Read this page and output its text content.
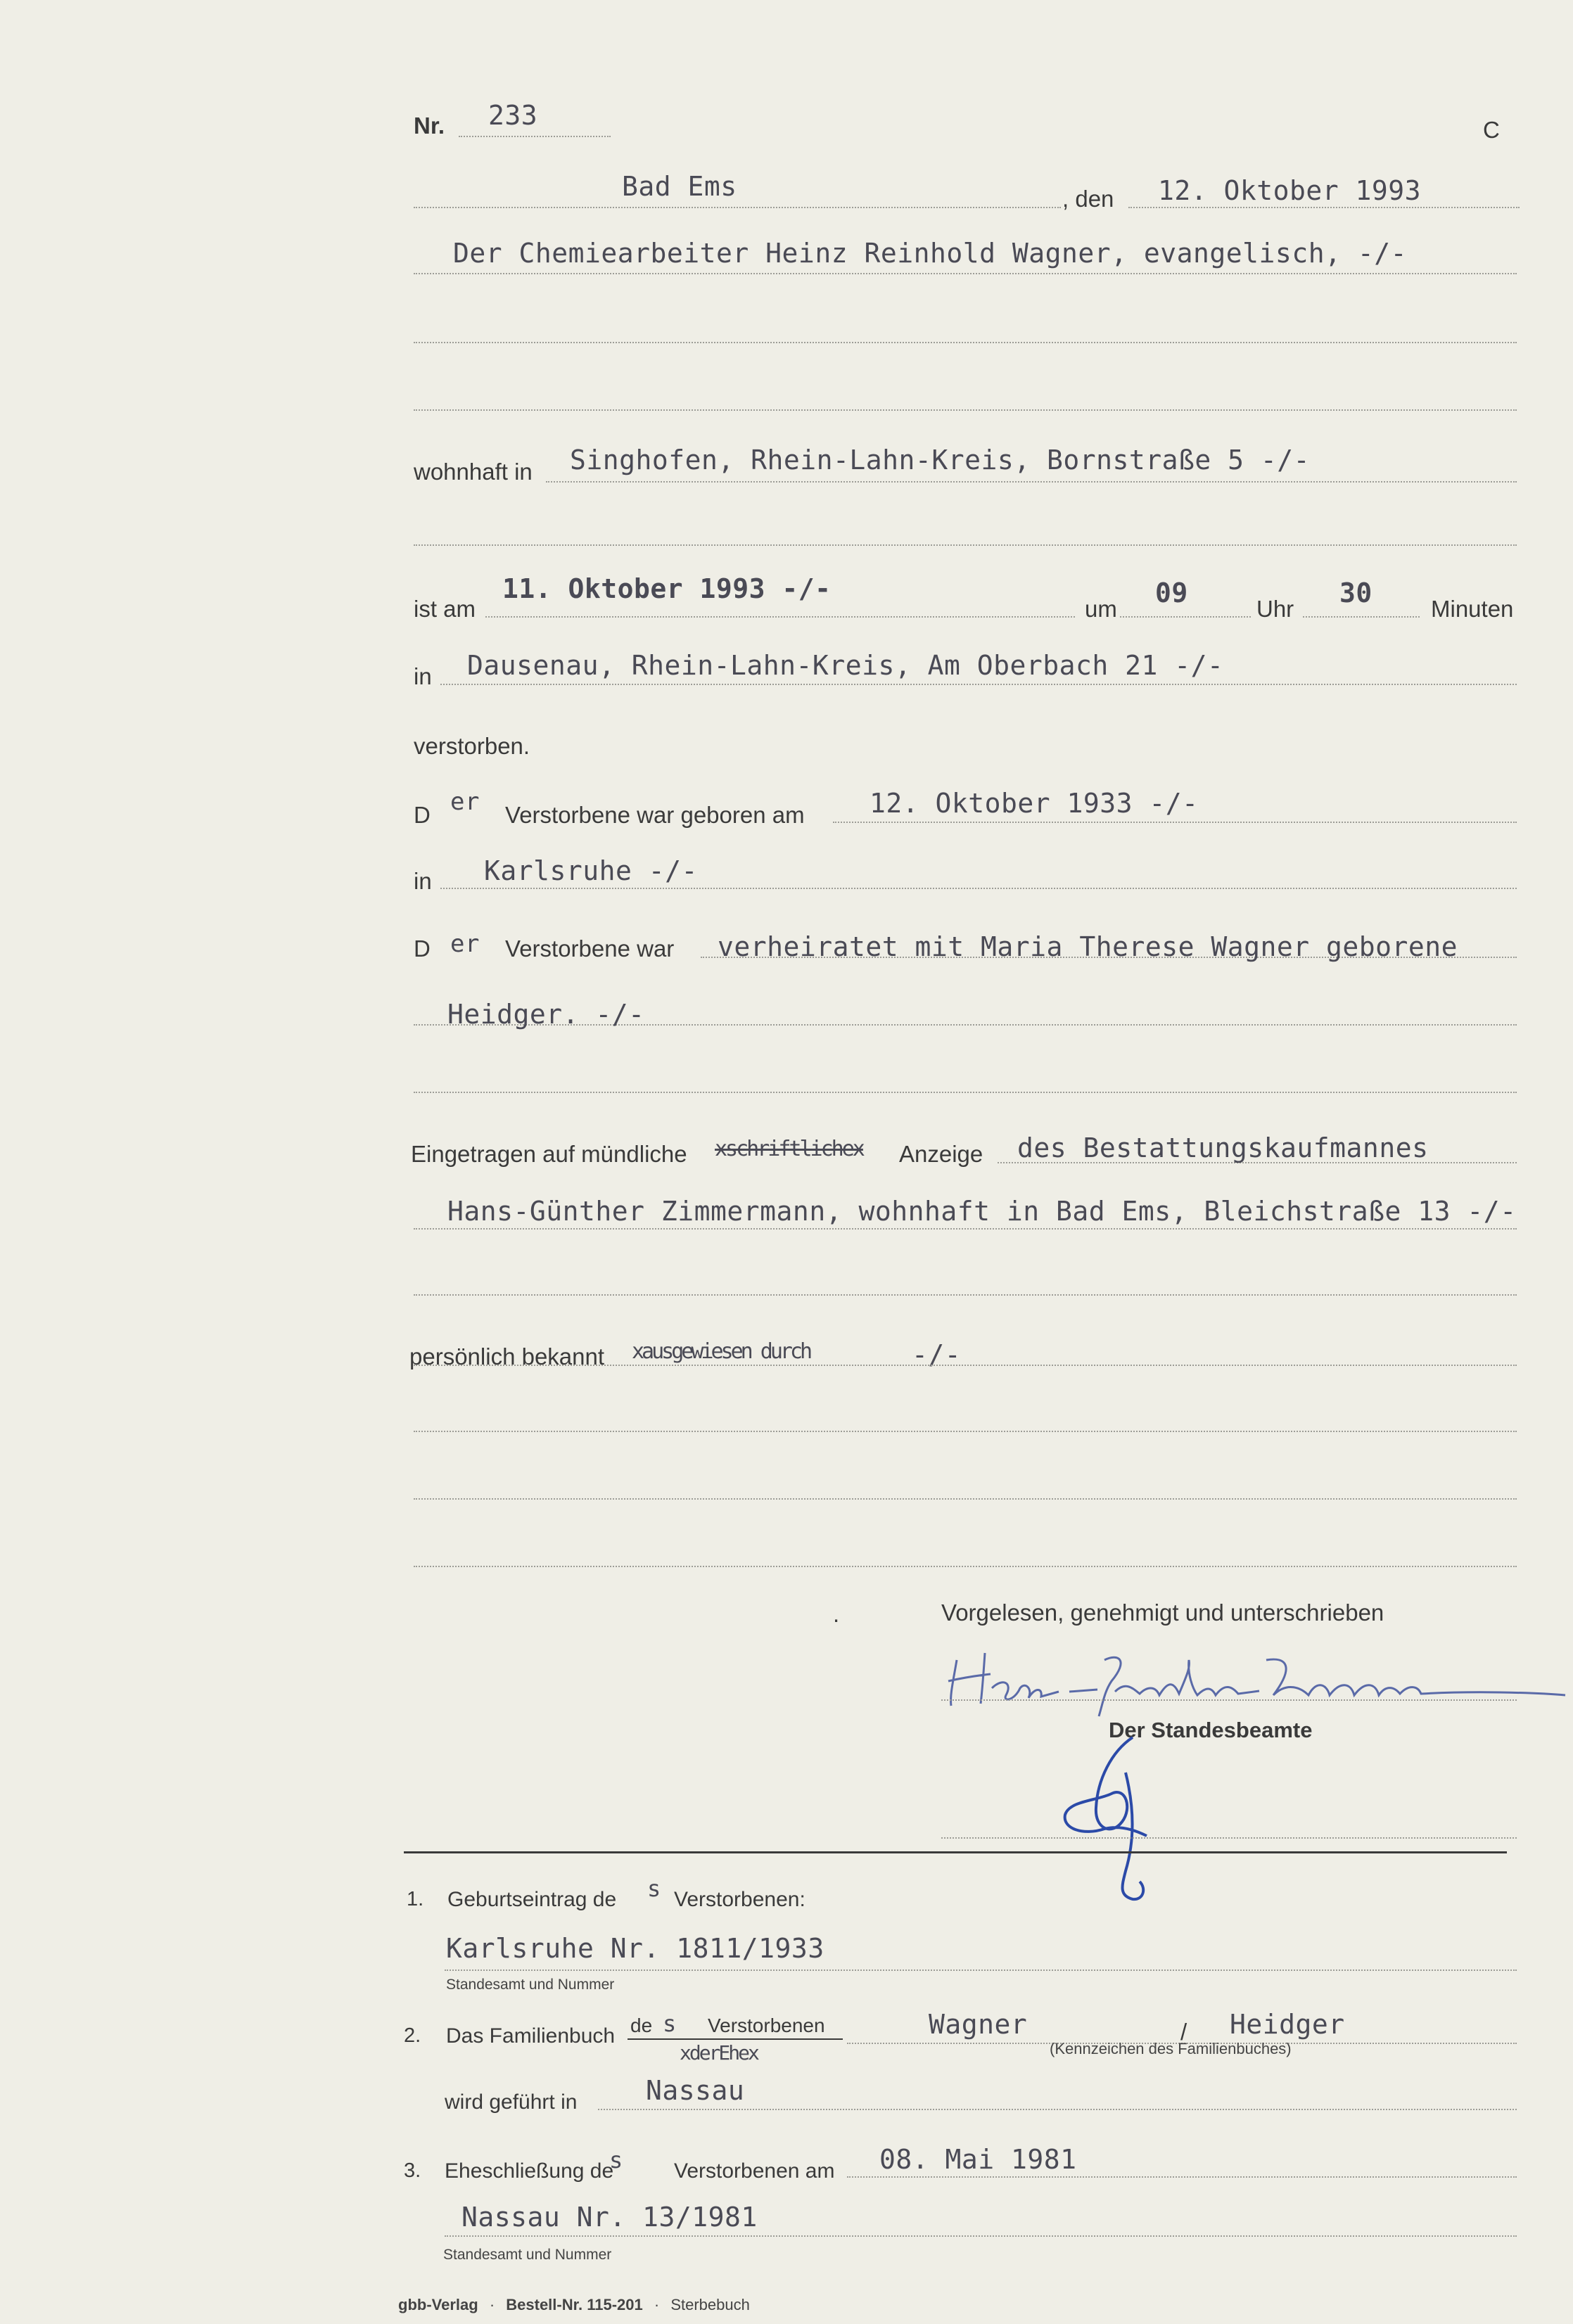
Nr. 233	C
Bad Ems	, den 12. Oktober 1993
Der Chemiearbeiter Heinz Reinhold Wagner, evangelisch, -/-
wohnhaft in Singhofen, Rhein-Lahn-Kreis, Bornstraße 5 -/-
ist am
11. Oktober 1993 -/-
um
09
Uhr
30
Minuten
in Dausenau, Rhein-Lahn-Kreis, Am Oberbach 21 -/-
verstorben.
D er Verstorbene war geboren am 12. Oktober 1933 -/-
in Karlsruhe -/-
D er Verstorbene war verheiratet mit Maria Therese Wagner geborene
Heidger. -/-
Eingetragen auf mündliche xschriftlichex Anzeige des Bestattungskaufmannes
Hans-Günther Zimmermann, wohnhaft in Bad Ems, Bleichstraße 13 -/-
persönlich bekannt xausgewiesen durch	-/-
.	Vorgelesen, genehmigt und unterschrieben
Der Standesbeamte
1. Geburtseintrag de s Verstorbenen:
Karlsruhe Nr. 1811/1933
Standesamt und Nummer
2. Das Familienbuch de s Verstorbenen
xderEhex
Wagner	/ Heidger
(Kennzeichen des Familienbuches)
wird geführt in	Nassau
3. Eheschließung de
s Verstorbenen am 08. Mai 1981
Nassau Nr. 13/1981
Standesamt und Nummer
gbb-Verlag · Bestell-Nr. 115-201 · Sterbebuch
